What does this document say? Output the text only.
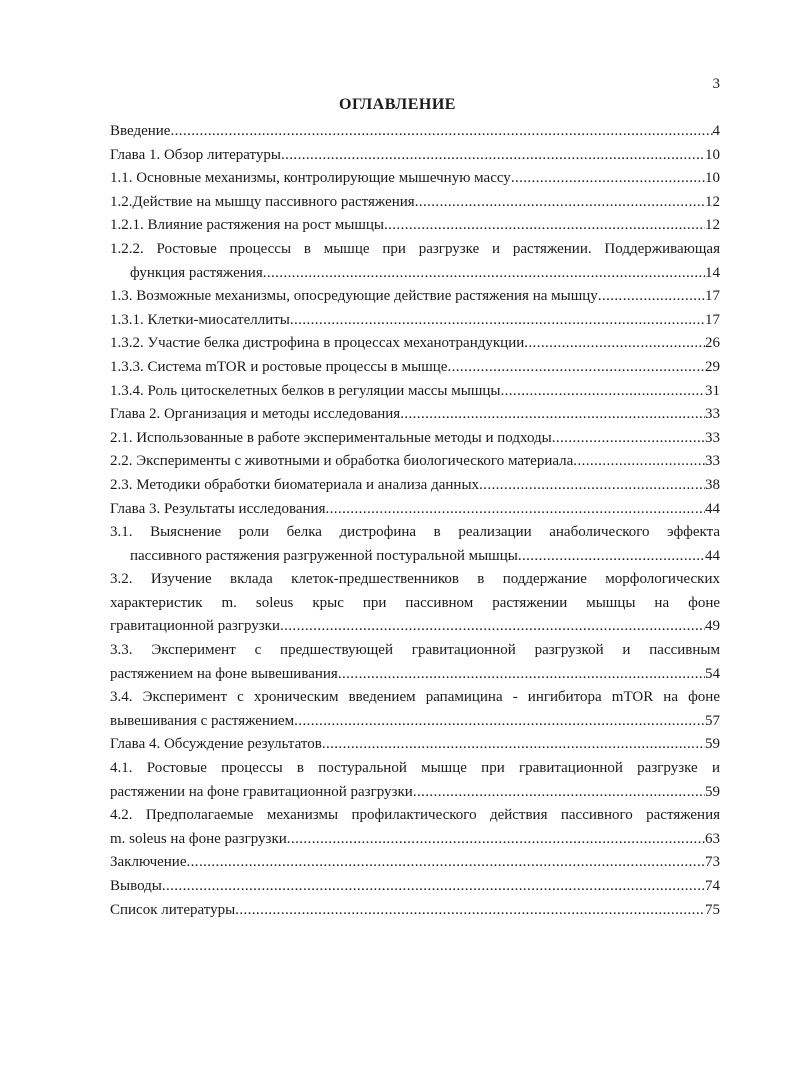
3
ОГЛАВЛЕНИЕ
Введение .....	4
Глава 1. Обзор литературы .....	10
1.1. Основные механизмы, контролирующие мышечную массу .....	10
1.2.Действие на мышцу пассивного растяжения .....	12
1.2.1. Влияние растяжения на рост мышцы .....	12
1.2.2. Ростовые процессы в мышце при разгрузке и растяжении. Поддерживающая
функция растяжения .....	14
1.3. Возможные механизмы, опосредующие действие растяжения на мышцу .....	17
1.3.1. Клетки-миосателлиты .....	17
1.3.2. Участие белка дистрофина в процессах механотрандукции .....	26
1.3.3. Система mTOR и ростовые процессы в мышце .....	29
1.3.4. Роль цитоскелетных белков в регуляции массы мышцы .....	31
Глава 2. Организация и методы исследования .....	33
2.1. Использованные в работе экспериментальные методы и подходы .....	33
2.2. Эксперименты с животными и обработка биологического материала .....	33
2.3. Методики обработки биоматериала и анализа данных .....	38
Глава 3. Результаты исследования .....	44
3.1. Выяснение роли белка дистрофина в реализации анаболического эффекта
пассивного растяжения разгруженной постуральной мышцы .....	44
3.2. Изучение вклада клеток-предшественников в поддержание морфологических
характеристик m. soleus крыс при пассивном растяжении мышцы на фоне
гравитационной разгрузки .....	49
3.3. Эксперимент с предшествующей гравитационной разгрузкой и пассивным
растяжением на фоне вывешивания .....	54
3.4. Эксперимент с хроническим введением рапамицина - ингибитора mTOR на фоне
вывешивания с растяжением .....	57
Глава 4. Обсуждение результатов .....	59
4.1. Ростовые процессы в постуральной мышце при гравитационной разгрузке и
растяжении на фоне гравитационной разгрузки .....	59
4.2. Предполагаемые механизмы профилактического действия пассивного растяжения
m. soleus на фоне разгрузки .....	63
Заключение .....	73
Выводы .....	74
Список литературы .....	75
